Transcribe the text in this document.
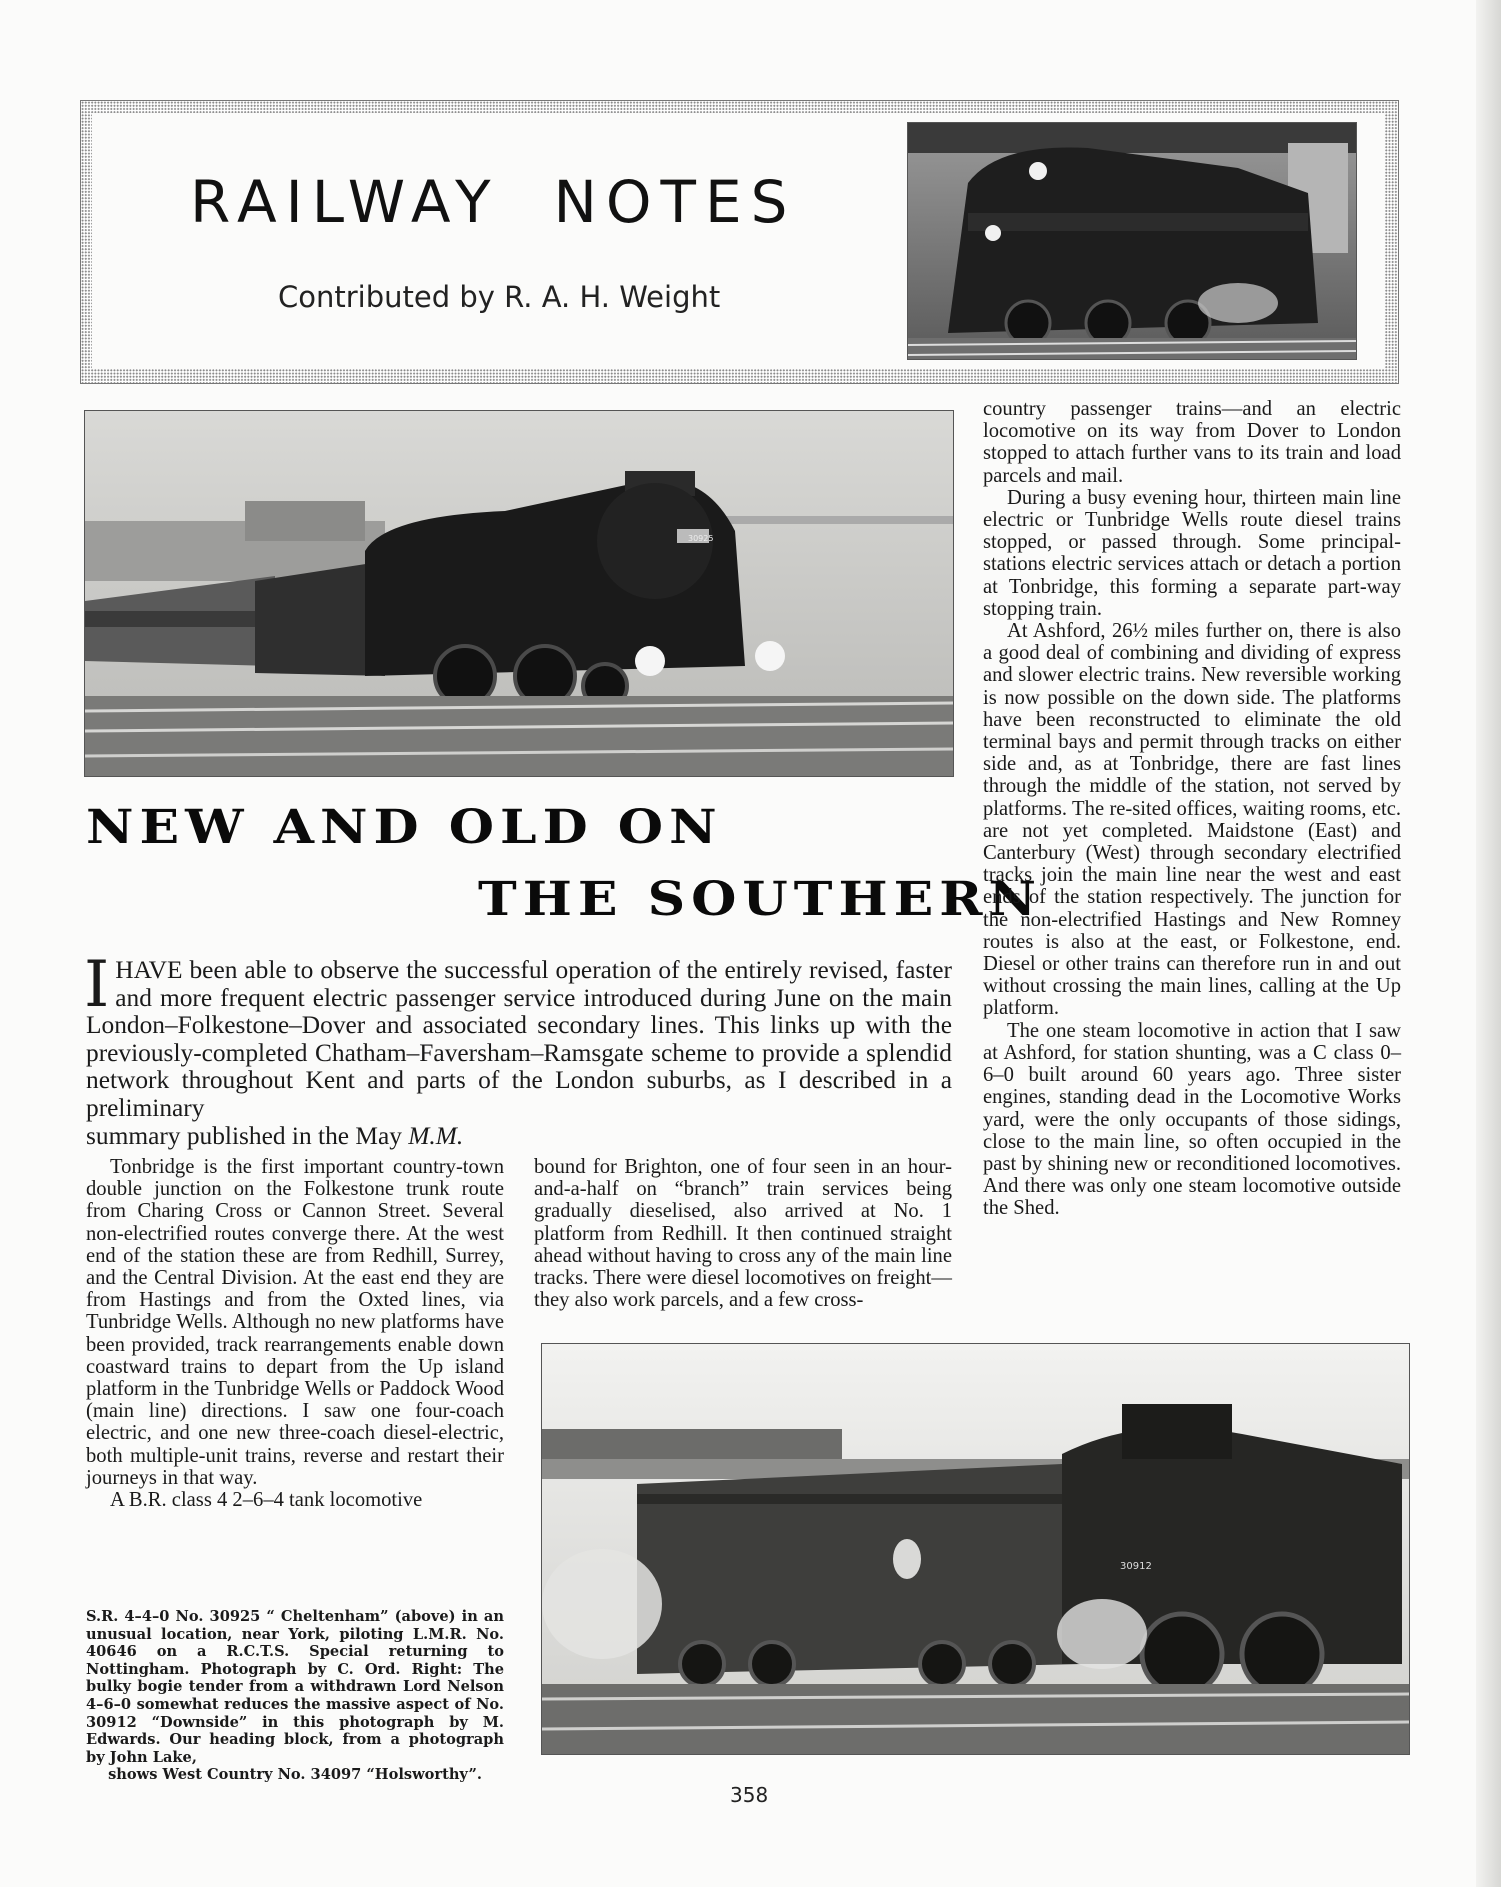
RAILWAY NOTES
Contributed by R. A. H. Weight
30925
NEW AND OLD ON
THE SOUTHERN
I HAVE been able to observe the successful operation of the entirely revised, faster and more frequent electric passenger service introduced during June on the main London–Folkestone–Dover and associated secondary lines. This links up with the previously-completed Chatham–Faversham–Ramsgate scheme to provide a splendid network throughout Kent and parts of the London suburbs, as I described in a preliminary
summary published in the May M.M.

Tonbridge is the first important country-town double junction on the Folkestone trunk route from Charing Cross or Cannon Street. Several non-electrified routes converge there. At the west end of the station these are from Redhill, Surrey, and the Central Division. At the east end they are from Hastings and from the Oxted lines, via Tunbridge Wells. Although no new platforms have been provided, track rearrangements enable down coastward trains to depart from the Up island platform in the Tunbridge Wells or Paddock Wood (main line) directions. I saw one four-coach electric, and one new three-coach diesel-electric, both multiple-unit trains, reverse and restart their journeys in that way.

A B.R. class 4 2–6–4 tank locomotive

bound for Brighton, one of four seen in an hour-and-a-half on “branch” train services being gradually dieselised, also arrived at No. 1 platform from Redhill. It then continued straight ahead without having to cross any of the main line tracks. There were diesel locomotives on freight—they also work parcels, and a few cross-

country passenger trains—and an electric locomotive on its way from Dover to London stopped to attach further vans to its train and load parcels and mail.

During a busy evening hour, thirteen main line electric or Tunbridge Wells route diesel trains stopped, or passed through. Some principal-stations electric services attach or detach a portion at Tonbridge, this forming a separate part-way stopping train.

At Ashford, 26½ miles further on, there is also a good deal of combining and dividing of express and slower electric trains. New reversible working is now possible on the down side. The platforms have been reconstructed to eliminate the old terminal bays and permit through tracks on either side and, as at Tonbridge, there are fast lines through the middle of the station, not served by platforms. The re-sited offices, waiting rooms, etc. are not yet completed. Maidstone (East) and Canterbury (West) through secondary electrified tracks join the main line near the west and east ends of the station respectively. The junction for the non-electrified Hastings and New Romney routes is also at the east, or Folkestone, end. Diesel or other trains can therefore run in and out without crossing the main lines, calling at the Up platform.

The one steam locomotive in action that I saw at Ashford, for station shunting, was a C class 0–6–0 built around 60 years ago. Three sister engines, standing dead in the Locomotive Works yard, were the only occupants of those sidings, close to the main line, so often occupied in the past by shining new or reconditioned locomotives. And there was only one steam locomotive outside the Shed.

30912
S.R. 4–4–0 No. 30925 “ Cheltenham” (above) in an unusual location, near York, piloting L.M.R. No. 40646 on a R.C.T.S. Special returning to Nottingham. Photograph by C. Ord. Right: The bulky bogie tender from a withdrawn Lord Nelson 4–6–0 somewhat reduces the massive aspect of No. 30912 “Downside” in this photograph by M. Edwards. Our heading block, from a photograph by John Lake,
shows West Country No. 34097 “Holsworthy”.
358
